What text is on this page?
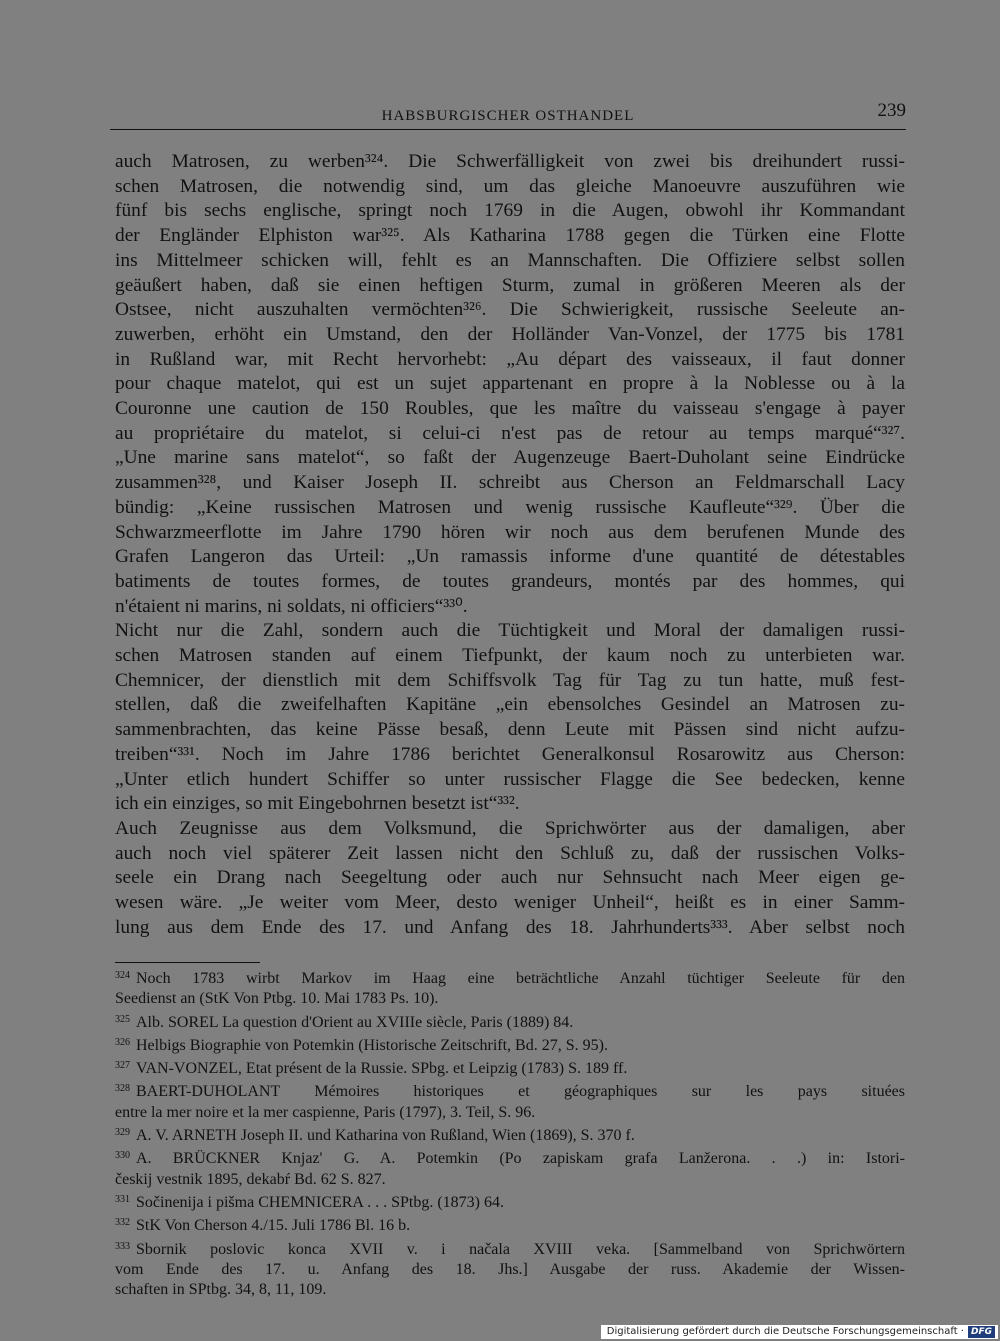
HABSBURGISCHER OSTHANDEL	239

auch Matrosen, zu werben³²⁴. Die Schwerfälligkeit von zwei bis dreihundert russi-
schen Matrosen, die notwendig sind, um das gleiche Manoeuvre auszuführen wie
fünf bis sechs englische, springt noch 1769 in die Augen, obwohl ihr Kommandant
der Engländer Elphiston war³²⁵. Als Katharina 1788 gegen die Türken eine Flotte
ins Mittelmeer schicken will, fehlt es an Mannschaften. Die Offiziere selbst sollen
geäußert haben, daß sie einen heftigen Sturm, zumal in größeren Meeren als der
Ostsee, nicht auszuhalten vermöchten³²⁶. Die Schwierigkeit, russische Seeleute an-
zuwerben, erhöht ein Umstand, den der Holländer Van-Vonzel, der 1775 bis 1781
in Rußland war, mit Recht hervorhebt: „Au départ des vaisseaux, il faut donner
pour chaque matelot, qui est un sujet appartenant en propre à la Noblesse ou à la
Couronne une caution de 150 Roubles, que les maître du vaisseau s'engage à payer
au propriétaire du matelot, si celui-ci n'est pas de retour au temps marqué“³²⁷.
„Une marine sans matelot“, so faßt der Augenzeuge Baert-Duholant seine Eindrücke
zusammen³²⁸, und Kaiser Joseph II. schreibt aus Cherson an Feldmarschall Lacy
bündig: „Keine russischen Matrosen und wenig russische Kaufleute“³²⁹. Über die
Schwarzmeerflotte im Jahre 1790 hören wir noch aus dem berufenen Munde des
Grafen Langeron das Urteil: „Un ramassis informe d'une quantité de détestables
batiments de toutes formes, de toutes grandeurs, montés par des hommes, qui
n'étaient ni marins, ni soldats, ni officiers“³³⁰.

Nicht nur die Zahl, sondern auch die Tüchtigkeit und Moral der damaligen russi-
schen Matrosen standen auf einem Tiefpunkt, der kaum noch zu unterbieten war.
Chemnicer, der dienstlich mit dem Schiffsvolk Tag für Tag zu tun hatte, muß fest-
stellen, daß die zweifelhaften Kapitäne „ein ebensolches Gesindel an Matrosen zu-
sammenbrachten, das keine Pässe besaß, denn Leute mit Pässen sind nicht aufzu-
treiben“³³¹. Noch im Jahre 1786 berichtet Generalkonsul Rosarowitz aus Cherson:
„Unter etlich hundert Schiffer so unter russischer Flagge die See bedecken, kenne
ich ein einziges, so mit Eingebohrnen besetzt ist“³³².

Auch Zeugnisse aus dem Volksmund, die Sprichwörter aus der damaligen, aber
auch noch viel späterer Zeit lassen nicht den Schluß zu, daß der russischen Volks-
seele ein Drang nach Seegeltung oder auch nur Sehnsucht nach Meer eigen ge-
wesen wäre. „Je weiter vom Meer, desto weniger Unheil“, heißt es in einer Samm-
lung aus dem Ende des 17. und Anfang des 18. Jahrhunderts³³³. Aber selbst noch

$^{324}$ Noch 1783 wirbt Markov im Haag eine beträchtliche Anzahl tüchtiger Seeleute für den
Seedienst an (StK Von Ptbg. 10. Mai 1783 Ps. 10).
$^{325}$ Alb. SOREL La question d'Orient au XVIIIe siècle, Paris (1889) 84.
$^{326}$ Helbigs Biographie von Potemkin (Historische Zeitschrift, Bd. 27, S. 95).
$^{327}$ VAN-VONZEL, Etat présent de la Russie. SPbg. et Leipzig (1783) S. 189 ff.
$^{328}$ BAERT-DUHOLANT Mémoires historiques et géographiques sur les pays situées
entre la mer noire et la mer caspienne, Paris (1797), 3. Teil, S. 96.
$^{329}$ A. V. ARNETH Joseph II. und Katharina von Rußland, Wien (1869), S. 370 f.
$^{330}$ A. BRÜCKNER Knjaz' G. A. Potemkin (Po zapiskam grafa Lanžerona. . .) in: Istori-
českij vestnik 1895, dekabŕ Bd. 62 S. 827.
$^{331}$ Sočinenija i pišma CHEMNICERA . . . SPtbg. (1873) 64.
$^{332}$ StK Von Cherson 4./15. Juli 1786 Bl. 16 b.
$^{333}$ Sbornik poslovic konca XVII v. i načala XVIII veka. [Sammelband von Sprichwörtern
vom Ende des 17. u. Anfang des 18. Jhs.] Ausgabe der russ. Akademie der Wissen-
schaften in SPtbg. 34, 8, 11, 109.
Digitalisierung gefördert durch die Deutsche Forschungsgemeinschaft · DFG
